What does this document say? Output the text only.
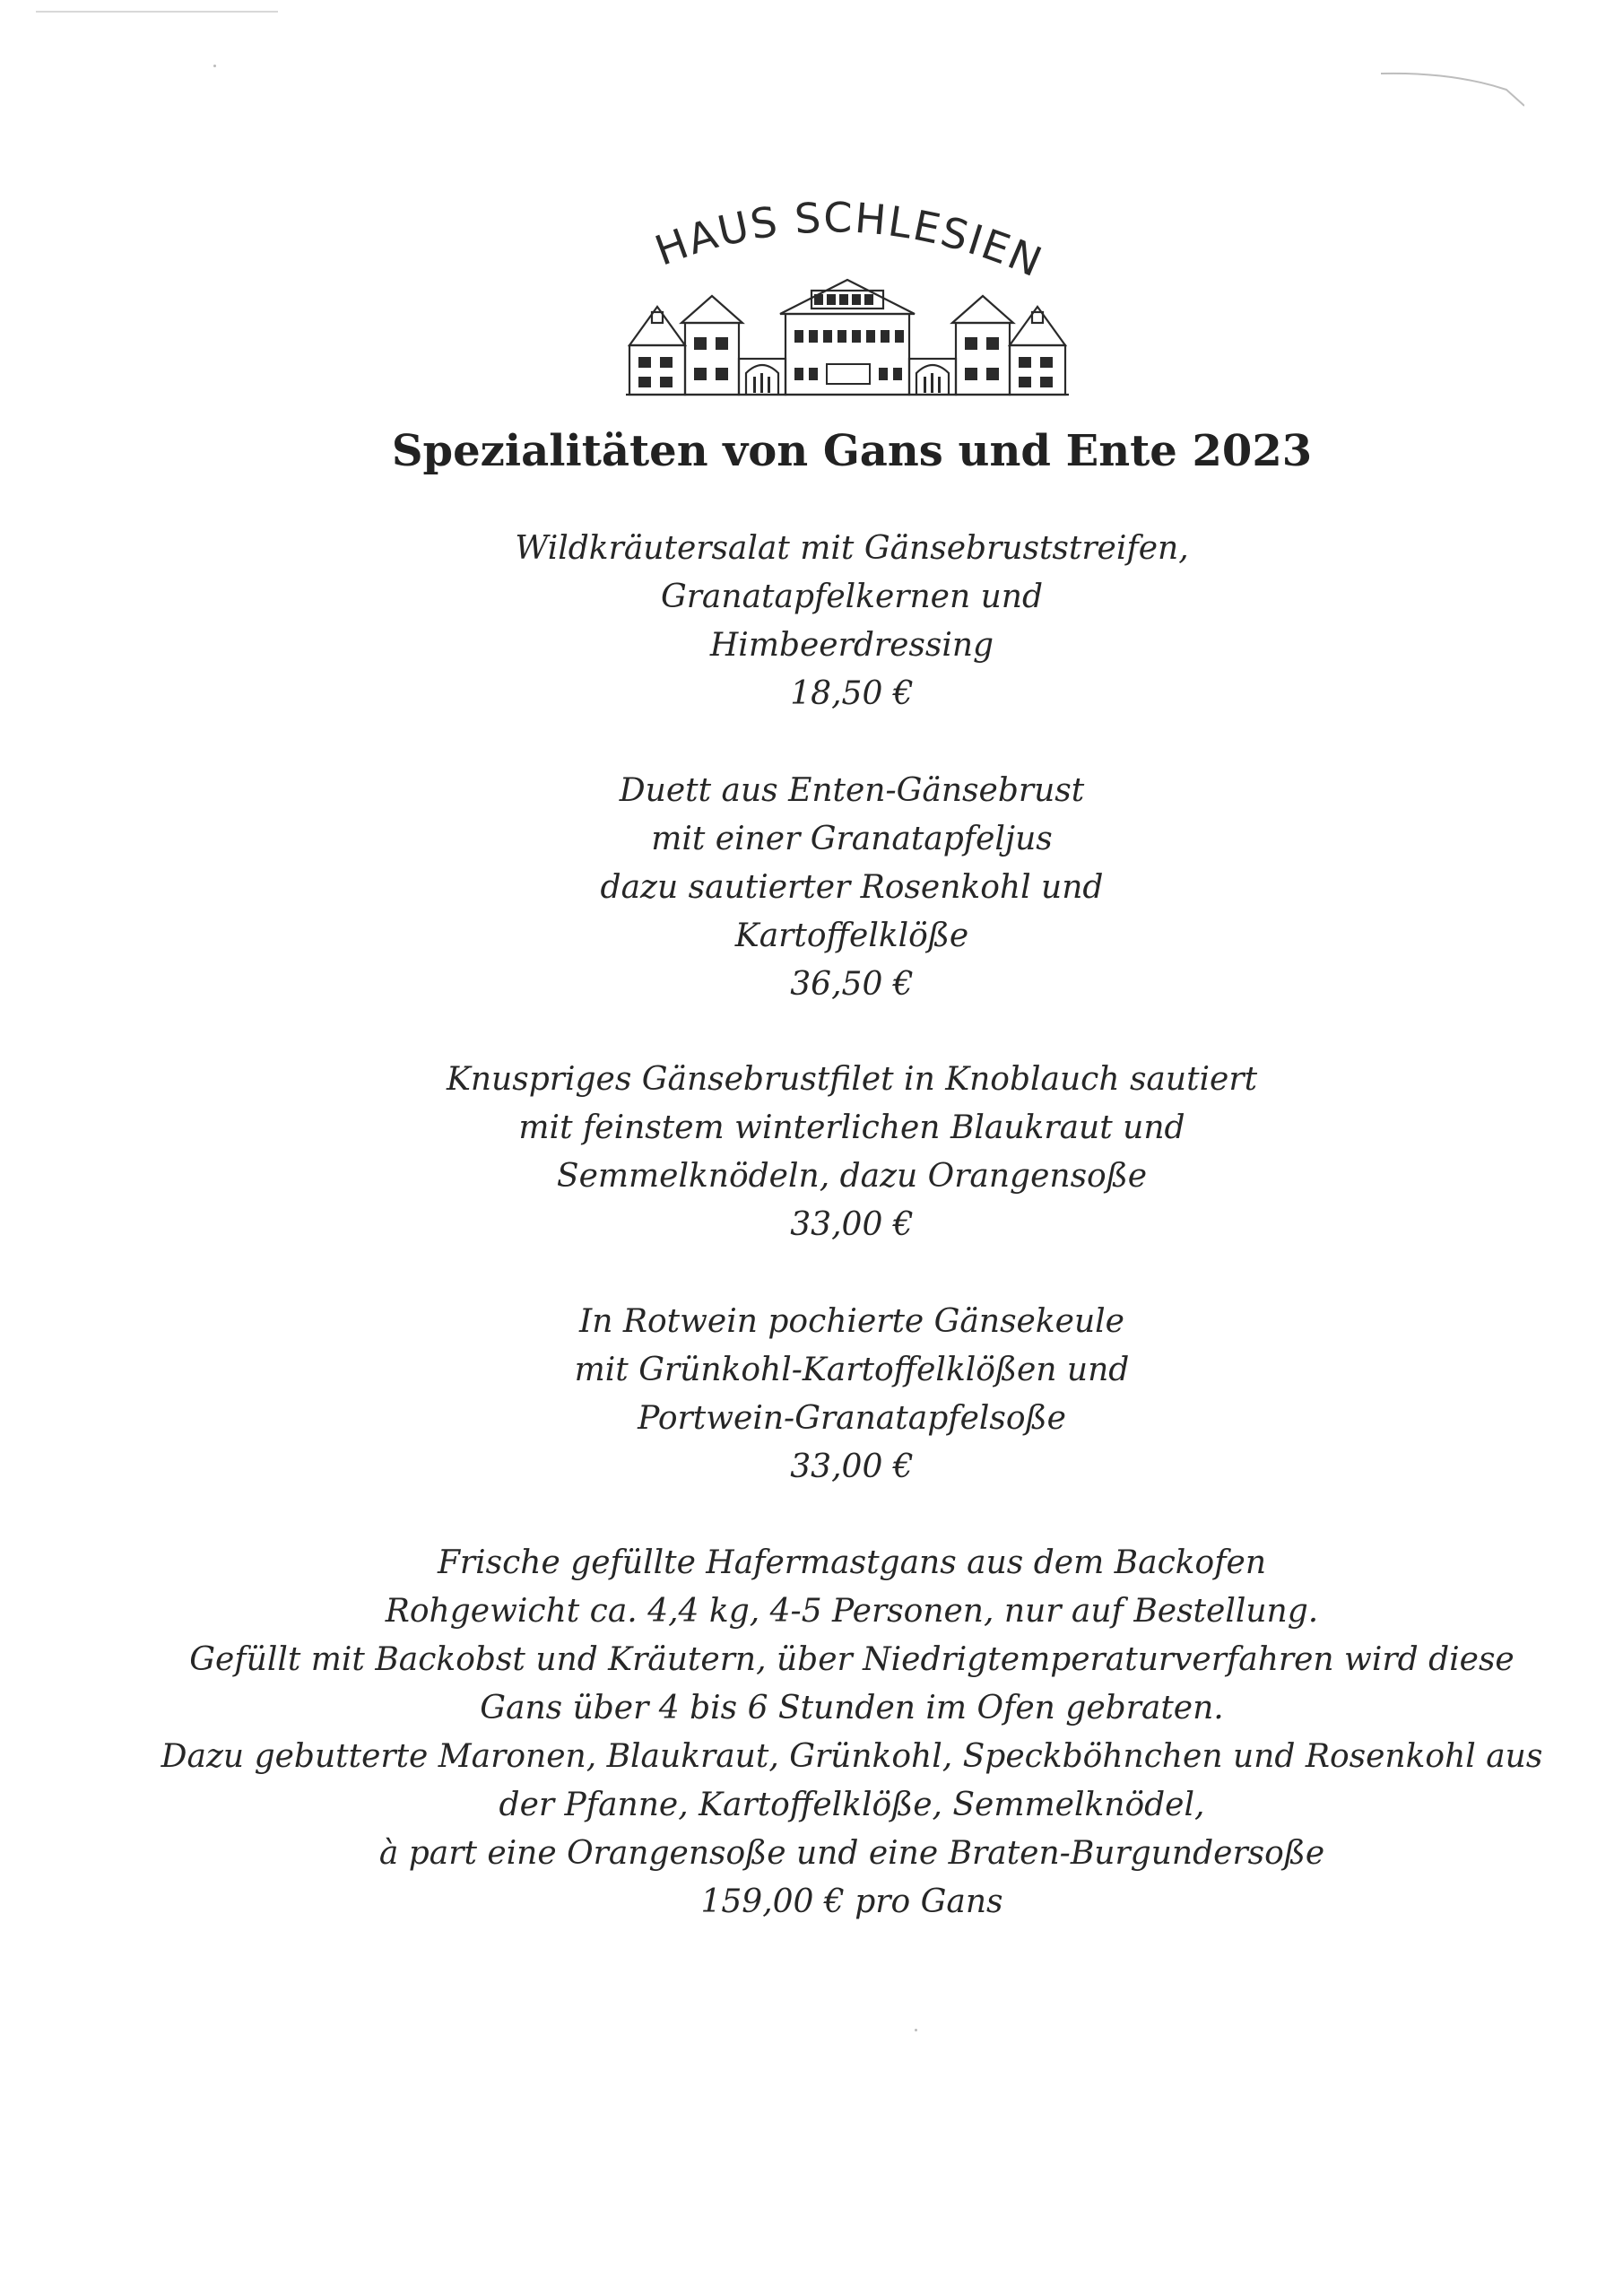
HAUS SCHLESIEN
Spezialitäten von Gans und Ente 2023
Wildkräutersalat mit Gänsebruststreifen,
Granatapfelkernen und
Himbeerdressing
18,50 €
Duett aus Enten-Gänsebrust
mit einer Granatapfeljus
dazu sautierter Rosenkohl und
Kartoffelklöße
36,50 €
Knuspriges Gänsebrustfilet in Knoblauch sautiert
mit feinstem winterlichen Blaukraut und
Semmelknödeln, dazu Orangensoße
33,00 €
In Rotwein pochierte Gänsekeule
mit Grünkohl-Kartoffelklößen und
Portwein-Granatapfelsoße
33,00 €
Frische gefüllte Hafermastgans aus dem Backofen
Rohgewicht ca. 4,4 kg, 4-5 Personen, nur auf Bestellung.
Gefüllt mit Backobst und Kräutern, über Niedrigtemperaturverfahren wird diese
Gans über 4 bis 6 Stunden im Ofen gebraten.
Dazu gebutterte Maronen, Blaukraut, Grünkohl, Speckböhnchen und Rosenkohl aus
der Pfanne, Kartoffelklöße, Semmelknödel,
à part eine Orangensoße und eine Braten-Burgundersoße
159,00 € pro Gans
